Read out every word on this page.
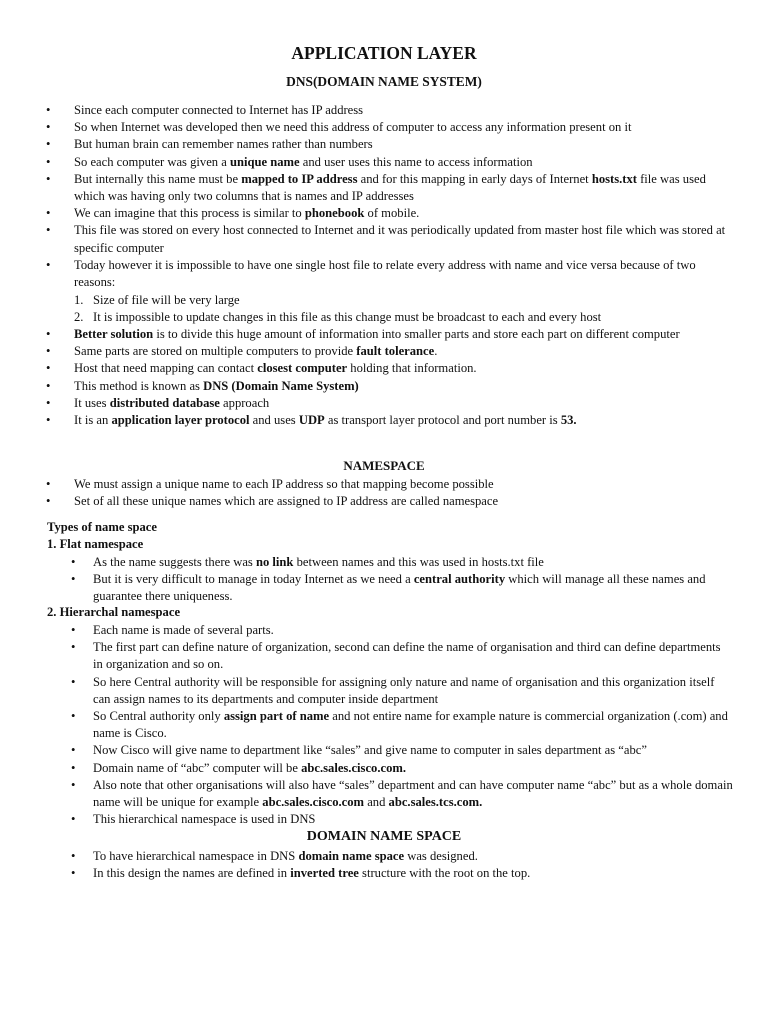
APPLICATION LAYER
DNS(DOMAIN NAME SYSTEM)
• Since each computer connected to Internet has IP address
• So when Internet was developed then we need this address of computer to access any information present on it
• But human brain can remember names rather than numbers
• So each computer was given a unique name and user uses this name to access information
• But internally this name must be mapped to IP address and for this mapping in early days of Internet hosts.txt file was used which was having only two columns that is names and IP addresses
• We can imagine that this process is similar to phonebook of mobile.
• This file was stored on every host connected to Internet and it was periodically updated from master host file which was stored at specific computer
• Today however it is impossible to have one single host file to relate every address with name and vice versa because of two reasons:
1. Size of file will be very large
2. It is impossible to update changes in this file as this change must be broadcast to each and every host
• Better solution is to divide this huge amount of information into smaller parts and store each part on different computer
• Same parts are stored on multiple computers to provide fault tolerance.
• Host that need mapping can contact closest computer holding that information.
• This method is known as DNS (Domain Name System)
• It uses distributed database approach
• It is an application layer protocol and uses UDP as transport layer protocol and port number is 53.
NAMESPACE
• We must assign a unique name to each IP address so that mapping become possible
• Set of all these unique names which are assigned to IP address are called namespace
Types of name space
1. Flat namespace
• As the name suggests there was no link between names and this was used in hosts.txt file
• But it is very difficult to manage in today Internet as we need a central authority which will manage all these names and guarantee there uniqueness.
2. Hierarchal namespace
• Each name is made of several parts.
• The first part can define nature of organization, second can define the name of organisation and third can define departments in organization and so on.
• So here Central authority will be responsible for assigning only nature and name of organisation and this organization itself can assign names to its departments and computer inside department
• So Central authority only assign part of name and not entire name for example nature is commercial organization (.com) and name is Cisco.
• Now Cisco will give name to department like “sales” and give name to computer in sales department as “abc”
• Domain name of “abc” computer will be abc.sales.cisco.com.
• Also note that other organisations will also have “sales” department and can have computer name “abc” but as a whole domain name will be unique for example abc.sales.cisco.com and abc.sales.tcs.com.
• This hierarchical namespace is used in DNS
DOMAIN NAME SPACE
• To have hierarchical namespace in DNS domain name space was designed.
• In this design the names are defined in inverted tree structure with the root on the top.
